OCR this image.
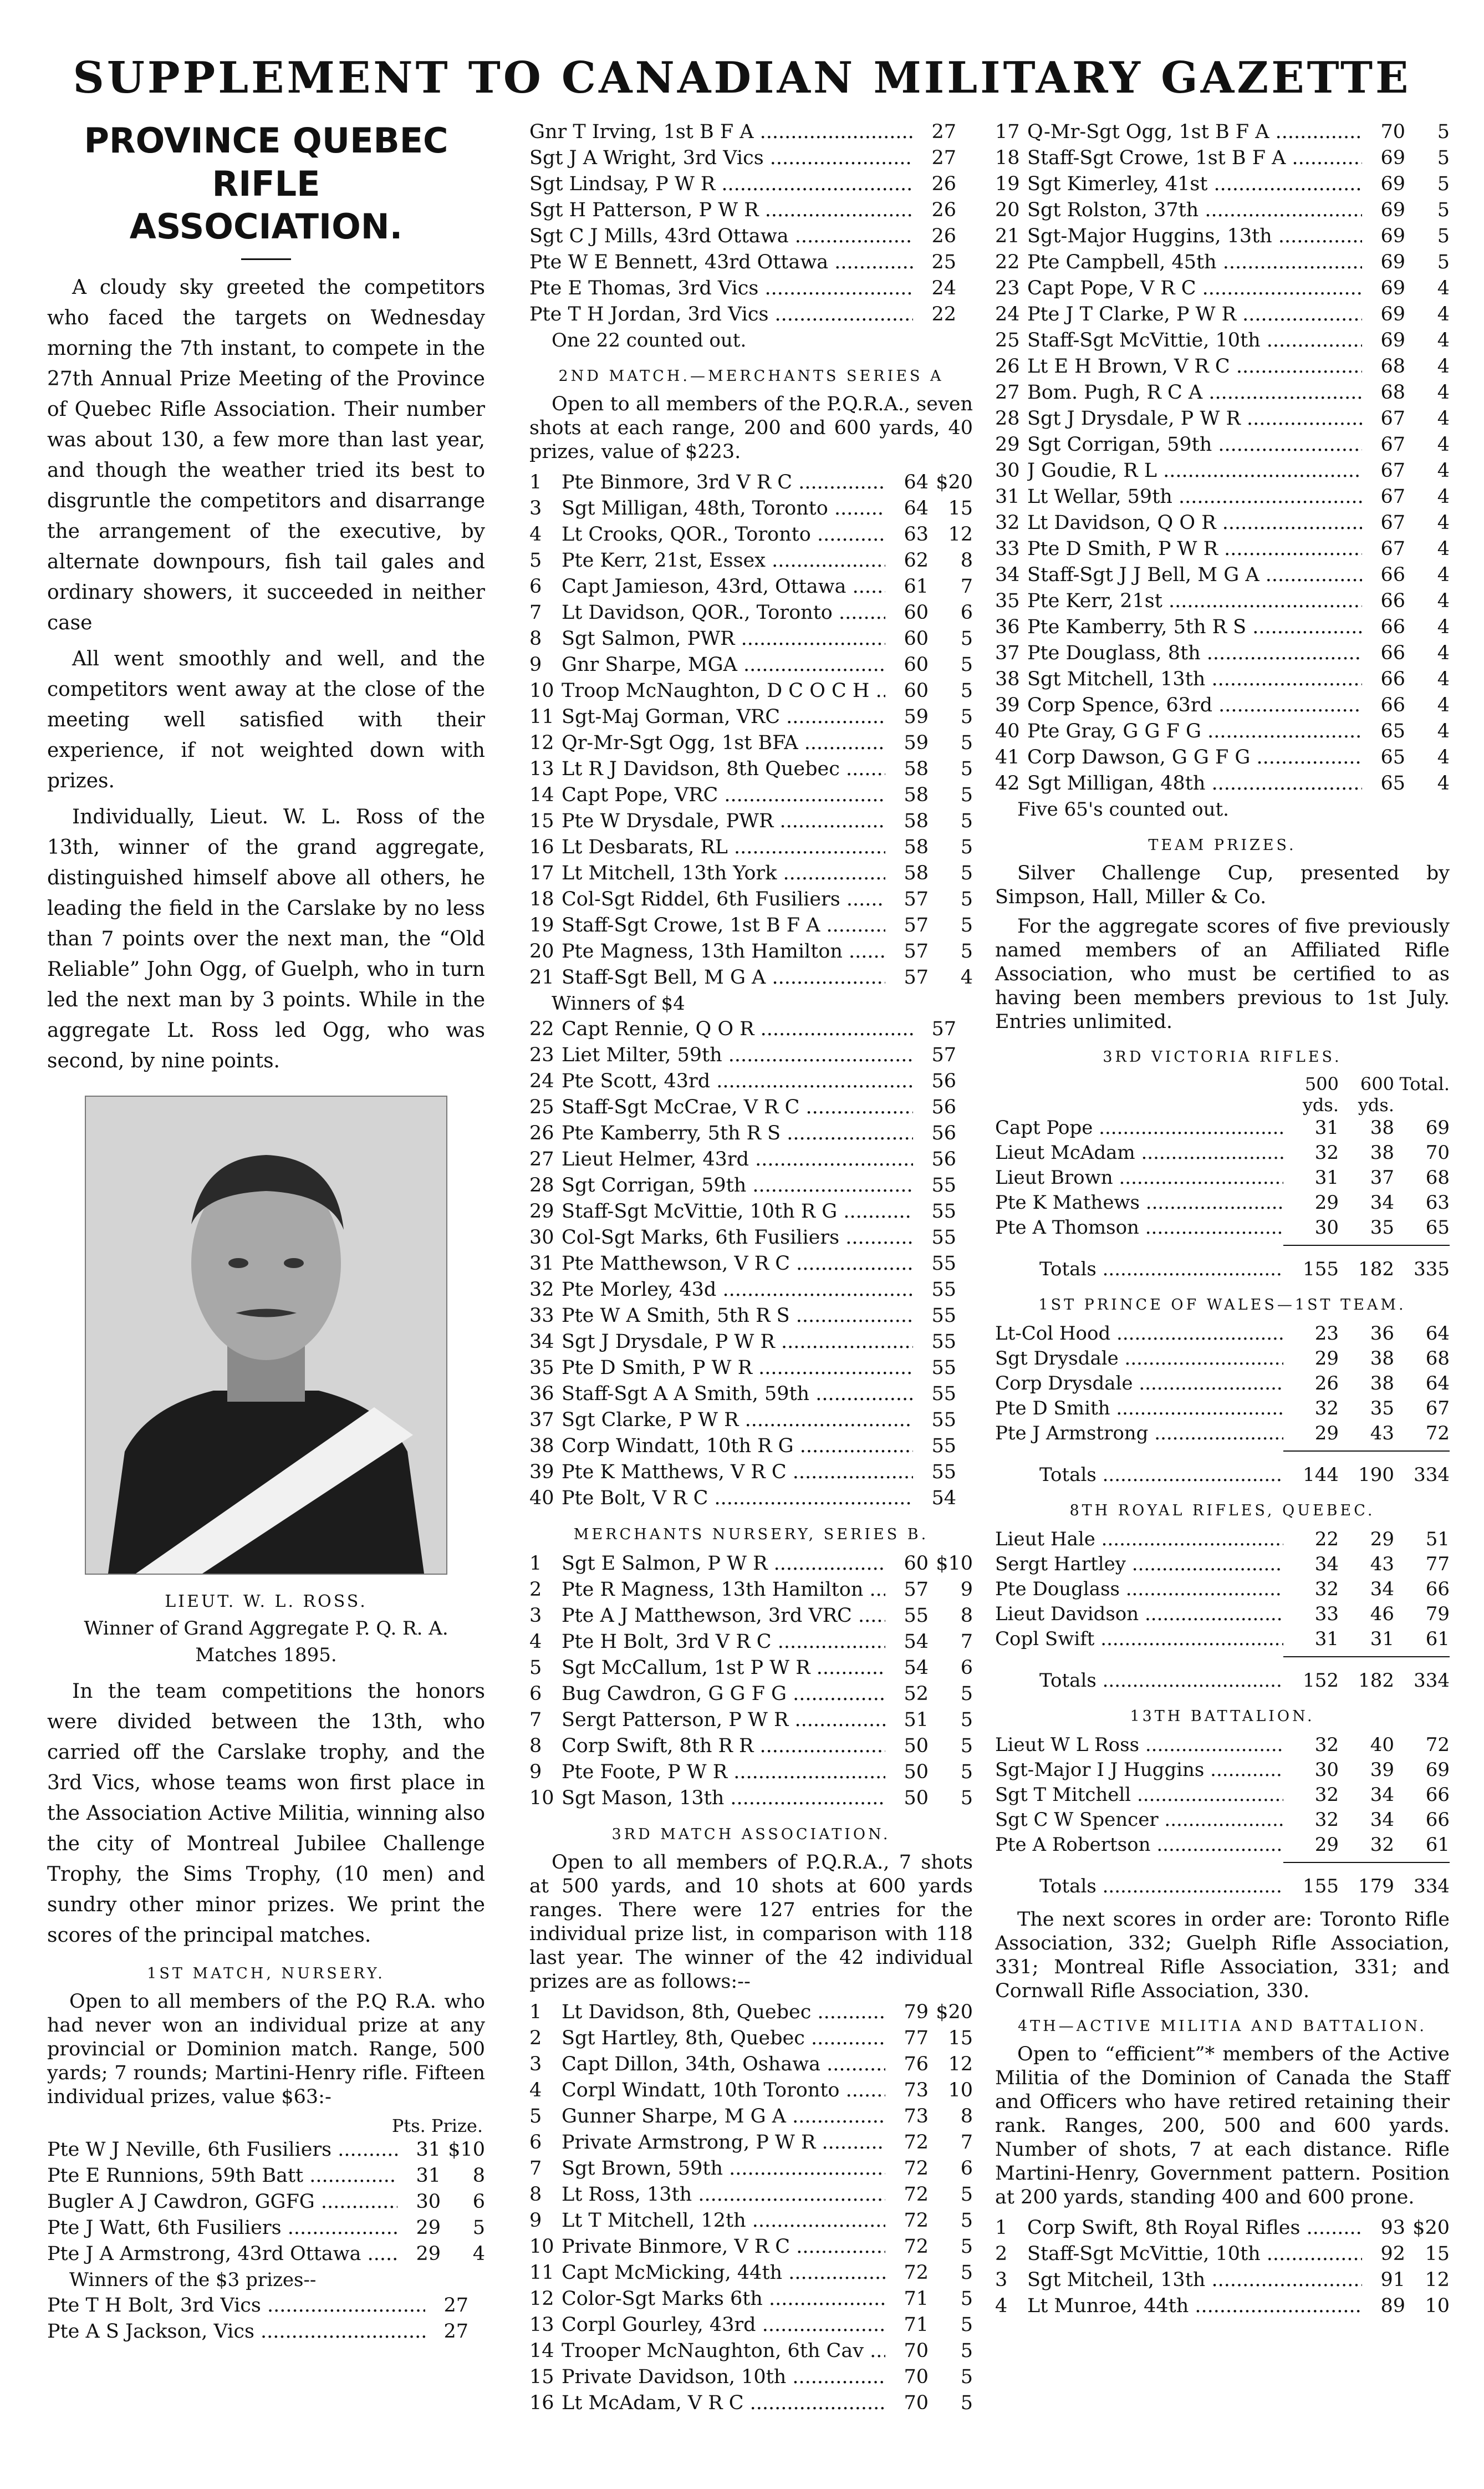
SUPPLEMENT TO CANADIAN MILITARY GAZETTE
PROVINCE QUEBEC RIFLE
ASSOCIATION.

A cloudy sky greeted the competitors who faced the targets on Wednesday morning the 7th instant, to compete in the 27th Annual Prize Meeting of the Province of Quebec Rifle Association. Their number was about 130, a few more than last year, and though the weather tried its best to disgruntle the competitors and disarrange the arrangement of the executive, by alternate downpours, fish tail gales and ordinary showers, it succeeded in neither case

All went smoothly and well, and the competitors went away at the close of the meeting well satisfied with their experience, if not weighted down with prizes.

Individually, Lieut. W. L. Ross of the 13th, winner of the grand aggregate, distinguished himself above all others, he leading the field in the Carslake by no less than 7 points over the next man, the “Old Reliable” John Ogg, of Guelph, who in turn led the next man by 3 points. While in the aggregate Lt. Ross led Ogg, who was second, by nine points.

LIEUT. W. L. ROSS.
Winner of Grand Aggregate P. Q. R. A. Matches 1895.

In the team competitions the honors were divided between the 13th, who carried off the Carslake trophy, and the 3rd Vics, whose teams won first place in the Association Active Militia, winning also the city of Montreal Jubilee Challenge Trophy, the Sims Trophy, (10 men) and sundry other minor prizes. We print the scores of the principal matches.

1ST MATCH, NURSERY.

Open to all members of the P.Q R.A. who had never won an individual prize at any provincial or Dominion match. Range, 500 yards; 7 rounds; Martini-Henry rifle. Fifteen individual prizes, value $63:-

Pts. Prize.
Pte W J Neville, 6th Fusiliers .....	31 $10
Pte E Runnions, 59th Batt .....	31	8
Bugler A J Cawdron, GGFG .....	30	6
Pte J Watt, 6th Fusiliers .....	29	5
Pte J A Armstrong, 43rd Ottawa .....	29	4
Winners of the $3 prizes--
Pte T H Bolt, 3rd Vics .....	27
Pte A S Jackson, Vics .....	27
Gnr T Irving, 1st B F A .....	27
Sgt J A Wright, 3rd Vics .....	27
Sgt Lindsay, P W R .....	26
Sgt H Patterson, P W R .....	26
Sgt C J Mills, 43rd Ottawa .....	26
Pte W E Bennett, 43rd Ottawa .....	25
Pte E Thomas, 3rd Vics .....	24
Pte T H Jordan, 3rd Vics .....	22
One 22 counted out.
2ND MATCH.—MERCHANTS SERIES A

Open to all members of the P.Q.R.A., seven shots at each range, 200 and 600 yards, 40 prizes, value of $223.

1	Pte Binmore, 3rd V R C .....	64 $20
3	Sgt Milligan, 48th, Toronto .....	64	15
4	Lt Crooks, QOR., Toronto .....	63	12
5	Pte Kerr, 21st, Essex .....	62	8
6	Capt Jamieson, 43rd, Ottawa .....	61	7
7	Lt Davidson, QOR., Toronto .....	60	6
8	Sgt Salmon, PWR .....	60	5
9	Gnr Sharpe, MGA .....	60	5
10 Troop McNaughton, D C O C H .....	60	5
11 Sgt-Maj Gorman, VRC .....	59	5
12 Qr-Mr-Sgt Ogg, 1st BFA .....	59	5
13 Lt R J Davidson, 8th Quebec .....	58	5
14 Capt Pope, VRC .....	58	5
15 Pte W Drysdale, PWR .....	58	5
16 Lt Desbarats, RL .....	58	5
17 Lt Mitchell, 13th York .....	58	5
18 Col-Sgt Riddel, 6th Fusiliers .....	57	5
19 Staff-Sgt Crowe, 1st B F A .....	57	5
20 Pte Magness, 13th Hamilton .....	57	5
21 Staff-Sgt Bell, M G A .....	57	4
Winners of $4
22 Capt Rennie, Q O R .....	57
23 Liet Milter, 59th .....	57
24 Pte Scott, 43rd .....	56
25 Staff-Sgt McCrae, V R C .....	56
26 Pte Kamberry, 5th R S .....	56
27 Lieut Helmer, 43rd .....	56
28 Sgt Corrigan, 59th .....	55
29 Staff-Sgt McVittie, 10th R G .....	55
30 Col-Sgt Marks, 6th Fusiliers .....	55
31 Pte Matthewson, V R C .....	55
32 Pte Morley, 43d .....	55
33 Pte W A Smith, 5th R S .....	55
34 Sgt J Drysdale, P W R .....	55
35 Pte D Smith, P W R .....	55
36 Staff-Sgt A A Smith, 59th .....	55
37 Sgt Clarke, P W R .....	55
38 Corp Windatt, 10th R G .....	55
39 Pte K Matthews, V R C .....	55
40 Pte Bolt, V R C .....	54
MERCHANTS NURSERY, SERIES B.
1	Sgt E Salmon, P W R .....	60 $10
2	Pte R Magness, 13th Hamilton .....	57	9
3	Pte A J Matthewson, 3rd VRC .....	55	8
4	Pte H Bolt, 3rd V R C .....	54	7
5	Sgt McCallum, 1st P W R .....	54	6
6	Bug Cawdron, G G F G .....	52	5
7	Sergt Patterson, P W R .....	51	5
8	Corp Swift, 8th R R .....	50	5
9	Pte Foote, P W R .....	50	5
10 Sgt Mason, 13th .....	50	5
3RD MATCH ASSOCIATION.

Open to all members of P.Q.R.A., 7 shots at 500 yards, and 10 shots at 600 yards ranges. There were 127 entries for the individual prize list, in comparison with 118 last year. The winner of the 42 individual prizes are as follows:--

1	Lt Davidson, 8th, Quebec .....	79 $20
2	Sgt Hartley, 8th, Quebec .....	77	15
3	Capt Dillon, 34th, Oshawa .....	76	12
4	Corpl Windatt, 10th Toronto .....	73	10
5	Gunner Sharpe, M G A .....	73	8
6	Private Armstrong, P W R .....	72	7
7	Sgt Brown, 59th .....	72	6
8	Lt Ross, 13th .....	72	5
9	Lt T Mitchell, 12th .....	72	5
10 Private Binmore, V R C .....	72	5
11 Capt McMicking, 44th .....	72	5
12 Color-Sgt Marks 6th .....	71	5
13 Corpl Gourley, 43rd .....	71	5
14 Trooper McNaughton, 6th Cav .....	70	5
15 Private Davidson, 10th .....	70	5
16 Lt McAdam, V R C .....	70	5
17 Q-Mr-Sgt Ogg, 1st B F A .....	70	5
18 Staff-Sgt Crowe, 1st B F A .....	69	5
19 Sgt Kimerley, 41st .....	69	5
20 Sgt Rolston, 37th .....	69	5
21 Sgt-Major Huggins, 13th .....	69	5
22 Pte Campbell, 45th .....	69	5
23 Capt Pope, V R C .....	69	4
24 Pte J T Clarke, P W R .....	69	4
25 Staff-Sgt McVittie, 10th .....	69	4
26 Lt E H Brown, V R C .....	68	4
27 Bom. Pugh, R C A .....	68	4
28 Sgt J Drysdale, P W R .....	67	4
29 Sgt Corrigan, 59th .....	67	4
30 J Goudie, R L .....	67	4
31 Lt Wellar, 59th .....	67	4
32 Lt Davidson, Q O R .....	67	4
33 Pte D Smith, P W R .....	67	4
34 Staff-Sgt J J Bell, M G A .....	66	4
35 Pte Kerr, 21st .....	66	4
36 Pte Kamberry, 5th R S .....	66	4
37 Pte Douglass, 8th .....	66	4
38 Sgt Mitchell, 13th .....	66	4
39 Corp Spence, 63rd .....	66	4
40 Pte Gray, G G F G .....	65	4
41 Corp Dawson, G G F G .....	65	4
42 Sgt Milligan, 48th .....	65	4
Five 65's counted out.
TEAM PRIZES.

Silver Challenge Cup, presented by Simpson, Hall, Miller & Co.

For the aggregate scores of five previously named members of an Affiliated Rifle Association, who must be certified to as having been members previous to 1st July. Entries unlimited.

3RD VICTORIA RIFLES.
500 yds.
600 yds.
Total.
Capt Pope .....	31	38	69
Lieut McAdam .....	32	38	70
Lieut Brown .....	31	37	68
Pte K Mathews .....	29	34	63
Pte A Thomson .....	30	35	65
Totals .....	155	182	335
1ST PRINCE OF WALES—1ST TEAM.
Lt-Col Hood .....	23	36	64
Sgt Drysdale .....	29	38	68
Corp Drysdale .....	26	38	64
Pte D Smith .....	32	35	67
Pte J Armstrong .....	29	43	72
Totals .....	144	190	334
8TH ROYAL RIFLES, QUEBEC.
Lieut Hale .....	22	29	51
Sergt Hartley .....	34	43	77
Pte Douglass .....	32	34	66
Lieut Davidson .....	33	46	79
Copl Swift .....	31	31	61
Totals .....	152	182	334
13TH BATTALION.
Lieut W L Ross .....	32	40	72
Sgt-Major I J Huggins .....	30	39	69
Sgt T Mitchell .....	32	34	66
Sgt C W Spencer .....	32	34	66
Pte A Robertson .....	29	32	61
Totals .....	155	179	334

The next scores in order are: Toronto Rifle Association, 332; Guelph Rifle Association, 331; Montreal Rifle Association, 331; and Cornwall Rifle Association, 330.

4TH—ACTIVE MILITIA AND BATTALION.

Open to “efficient”* members of the Active Militia of the Dominion of Canada the Staff and Officers who have retired retaining their rank. Ranges, 200, 500 and 600 yards. Number of shots, 7 at each distance. Rifle Martini-Henry, Government pattern. Position at 200 yards, standing 400 and 600 prone.

1	Corp Swift, 8th Royal Rifles .....	93 $20
2	Staff-Sgt McVittie, 10th .....	92	15
3	Sgt Mitcheil, 13th .....	91	12
4	Lt Munroe, 44th .....	89	10
